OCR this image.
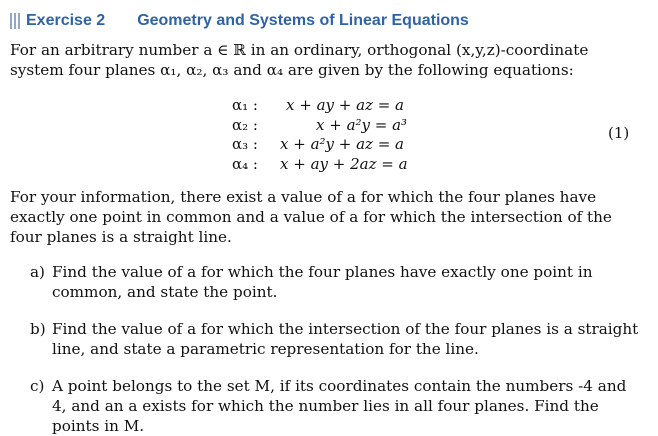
Exercise 2 Geometry and Systems of Linear Equations
For an arbitrary number a ∈ ℝ in an ordinary, orthogonal (x,y,z)-coordinate system four planes α₁, α₂, α₃ and α₄ are given by the following equations:
α₁ :	x + ay + az = a
α₂ :	x + a²y = a³
α₃ :	x + a²y + az = a
α₄ :	x + ay + 2az = a
(1)
For your information, there exist a value of a for which the four planes have exactly one point in common and a value of a for which the intersection of the four planes is a straight line.
a) Find the value of a for which the four planes have exactly one point in common, and state the point.
b) Find the value of a for which the intersection of the four planes is a straight line, and state a parametric representation for the line.
c) A point belongs to the set M, if its coordinates contain the numbers -4 and 4, and an a exists for which the number lies in all four planes. Find the points in M.
